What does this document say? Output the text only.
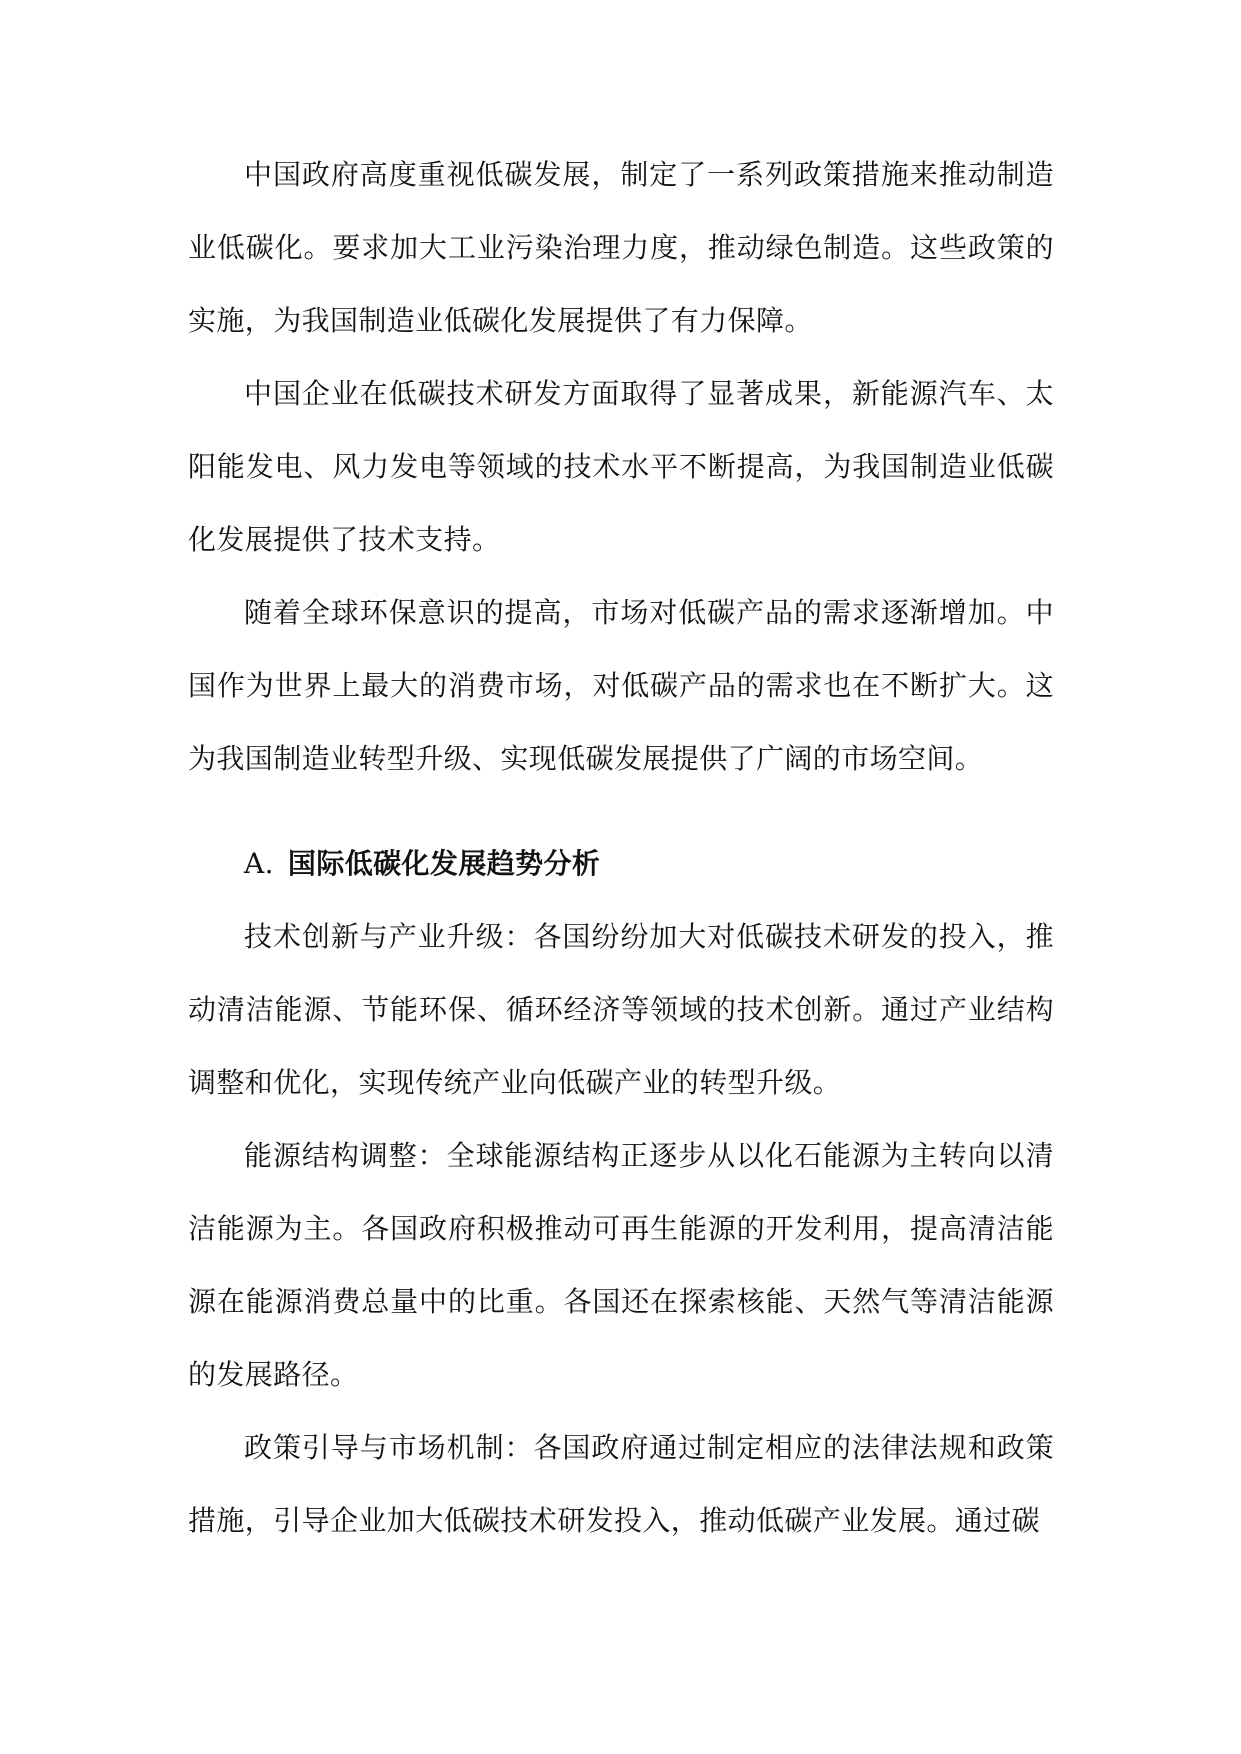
中国政府高度重视低碳发展，制定了一系列政策措施来推动制造业低碳化。要求加大工业污染治理力度，推动绿色制造。这些政策的实施，为我国制造业低碳化发展提供了有力保障。

中国企业在低碳技术研发方面取得了显著成果，新能源汽车、太阳能发电、风力发电等领域的技术水平不断提高，为我国制造业低碳化发展提供了技术支持。

随着全球环保意识的提高，市场对低碳产品的需求逐渐增加。中国作为世界上最大的消费市场，对低碳产品的需求也在不断扩大。这为我国制造业转型升级、实现低碳发展提供了广阔的市场空间。

A. 国际低碳化发展趋势分析

技术创新与产业升级：各国纷纷加大对低碳技术研发的投入，推动清洁能源、节能环保、循环经济等领域的技术创新。通过产业结构调整和优化，实现传统产业向低碳产业的转型升级。

能源结构调整：全球能源结构正逐步从以化石能源为主转向以清洁能源为主。各国政府积极推动可再生能源的开发利用，提高清洁能源在能源消费总量中的比重。各国还在探索核能、天然气等清洁能源的发展路径。

政策引导与市场机制：各国政府通过制定相应的法律法规和政策措施，引导企业加大低碳技术研发投入，推动低碳产业发展。通过碳
